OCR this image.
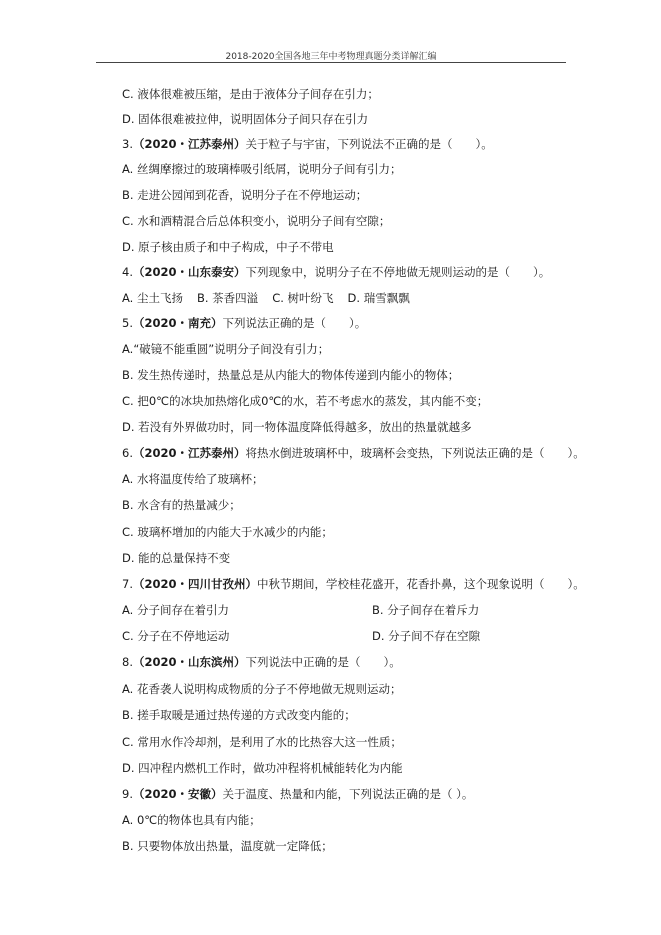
2018-2020全国各地三年中考物理真题分类详解汇编
C. 液体很难被压缩，是由于液体分子间存在引力；
D. 固体很难被拉伸，说明固体分子间只存在引力
3.（2020・江苏泰州）关于粒子与宇宙，下列说法不正确的是（　　）。
A. 丝绸摩擦过的玻璃棒吸引纸屑，说明分子间有引力；
B. 走进公园闻到花香，说明分子在不停地运动；
C. 水和酒精混合后总体积变小，说明分子间有空隙；
D. 原子核由质子和中子构成，中子不带电
4.（2020・山东泰安）下列现象中，说明分子在不停地做无规则运动的是（　　）。
A. 尘土飞扬 B. 茶香四溢 C. 树叶纷飞 D. 瑞雪飘飘
5.（2020・南充）下列说法正确的是（　　）。
A.“破镜不能重圆”说明分子间没有引力；
B. 发生热传递时，热量总是从内能大的物体传递到内能小的物体；
C. 把0℃的冰块加热熔化成0℃的水，若不考虑水的蒸发，其内能不变；
D. 若没有外界做功时，同一物体温度降低得越多，放出的热量就越多
6.（2020・江苏泰州）将热水倒进玻璃杯中，玻璃杯会变热，下列说法正确的是（　　）。
A. 水将温度传给了玻璃杯；
B. 水含有的热量减少；
C. 玻璃杯增加的内能大于水减少的内能；
D. 能的总量保持不变
7.（2020・四川甘孜州）中秋节期间，学校桂花盛开，花香扑鼻，这个现象说明（　　）。
A. 分子间存在着引力	B. 分子间存在着斥力
C. 分子在不停地运动	D. 分子间不存在空隙
8.（2020・山东滨州）下列说法中正确的是（　　）。
A. 花香袭人说明构成物质的分子不停地做无规则运动；
B. 搓手取暖是通过热传递的方式改变内能的；
C. 常用水作冷却剂，是利用了水的比热容大这一性质；
D. 四冲程内燃机工作时，做功冲程将机械能转化为内能
9.（2020・安徽）关于温度、热量和内能，下列说法正确的是（ ）。
A. 0℃的物体也具有内能；
B. 只要物体放出热量，温度就一定降低；
